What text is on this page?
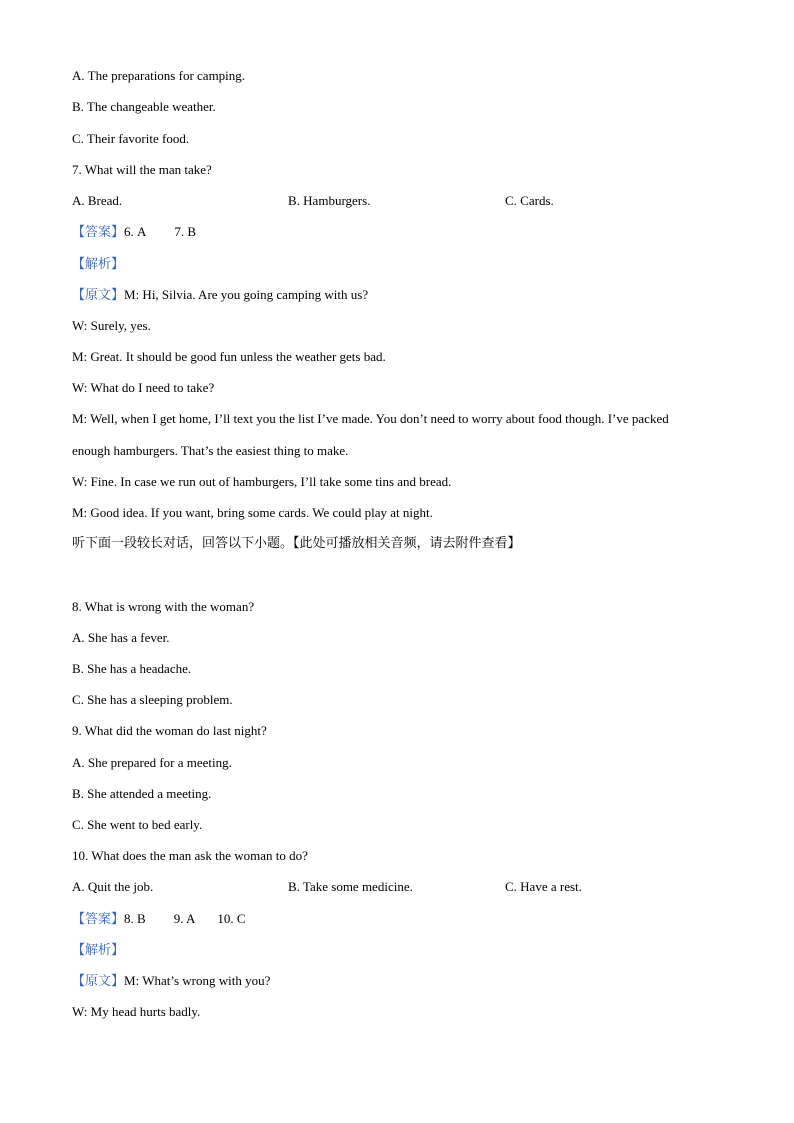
A. The preparations for camping.
B. The changeable weather.
C. Their favorite food.
7. What will the man take?
A. Bread.	B. Hamburgers.	C. Cards.
【答案】6. A 7. B
【解析】
【原文】M: Hi, Silvia. Are you going camping with us?
W: Surely, yes.
M: Great. It should be good fun unless the weather gets bad.
W: What do I need to take?
M: Well, when I get home, I’ll text you the list I’ve made. You don’t need to worry about food though. I’ve packed
enough hamburgers. That’s the easiest thing to make.
W: Fine. In case we run out of hamburgers, I’ll take some tins and bread.
M: Good idea. If you want, bring some cards. We could play at night.
听下面一段较长对话，回答以下小题。【此处可播放相关音频，请去附件查看】
8. What is wrong with the woman?
A. She has a fever.
B. She has a headache.
C. She has a sleeping problem.
9. What did the woman do last night?
A. She prepared for a meeting.
B. She attended a meeting.
C. She went to bed early.
10. What does the man ask the woman to do?
A. Quit the job.	B. Take some medicine.	C. Have a rest.
【答案】8. B 9. A 10. C
【解析】
【原文】M: What’s wrong with you?
W: My head hurts badly.
